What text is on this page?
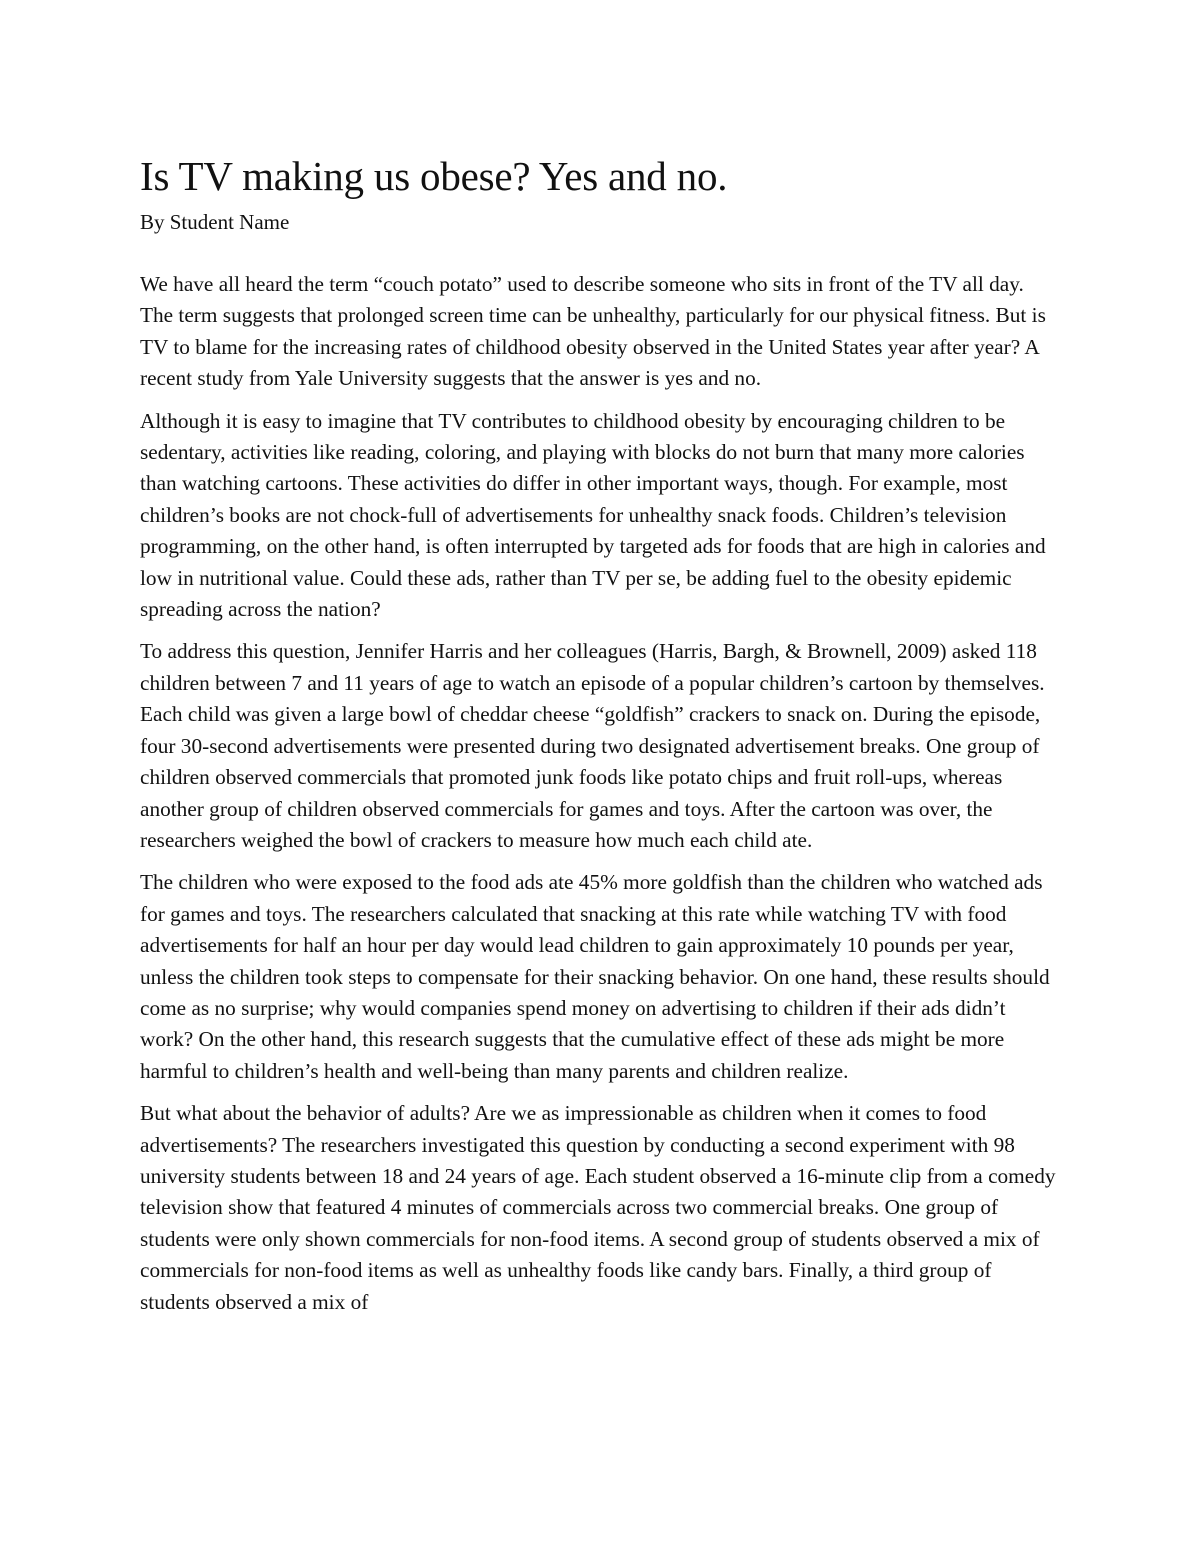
Is TV making us obese? Yes and no.
By Student Name

We have all heard the term “couch potato” used to describe someone who sits in front of the TV all day. The term suggests that prolonged screen time can be unhealthy, particularly for our physical fitness. But is TV to blame for the increasing rates of childhood obesity observed in the United States year after year? A recent study from Yale University suggests that the answer is yes and no.

Although it is easy to imagine that TV contributes to childhood obesity by encouraging children to be sedentary, activities like reading, coloring, and playing with blocks do not burn that many more calories than watching cartoons. These activities do differ in other important ways, though. For example, most children’s books are not chock-full of advertisements for unhealthy snack foods. Children’s television programming, on the other hand, is often interrupted by targeted ads for foods that are high in calories and low in nutritional value. Could these ads, rather than TV per se, be adding fuel to the obesity epidemic spreading across the nation?

To address this question, Jennifer Harris and her colleagues (Harris, Bargh, & Brownell, 2009) asked 118 children between 7 and 11 years of age to watch an episode of a popular children’s cartoon by themselves. Each child was given a large bowl of cheddar cheese “goldfish” crackers to snack on. During the episode, four 30-second advertisements were presented during two designated advertisement breaks. One group of children observed commercials that promoted junk foods like potato chips and fruit roll-ups, whereas another group of children observed commercials for games and toys. After the cartoon was over, the researchers weighed the bowl of crackers to measure how much each child ate.

The children who were exposed to the food ads ate 45% more goldfish than the children who watched ads for games and toys. The researchers calculated that snacking at this rate while watching TV with food advertisements for half an hour per day would lead children to gain approximately 10 pounds per year, unless the children took steps to compensate for their snacking behavior. On one hand, these results should come as no surprise; why would companies spend money on advertising to children if their ads didn’t work? On the other hand, this research suggests that the cumulative effect of these ads might be more harmful to children’s health and well-being than many parents and children realize.

But what about the behavior of adults? Are we as impressionable as children when it comes to food advertisements? The researchers investigated this question by conducting a second experiment with 98 university students between 18 and 24 years of age. Each student observed a 16-minute clip from a comedy television show that featured 4 minutes of commercials across two commercial breaks. One group of students were only shown commercials for non-food items. A second group of students observed a mix of commercials for non-food items as well as unhealthy foods like candy bars. Finally, a third group of students observed a mix of
